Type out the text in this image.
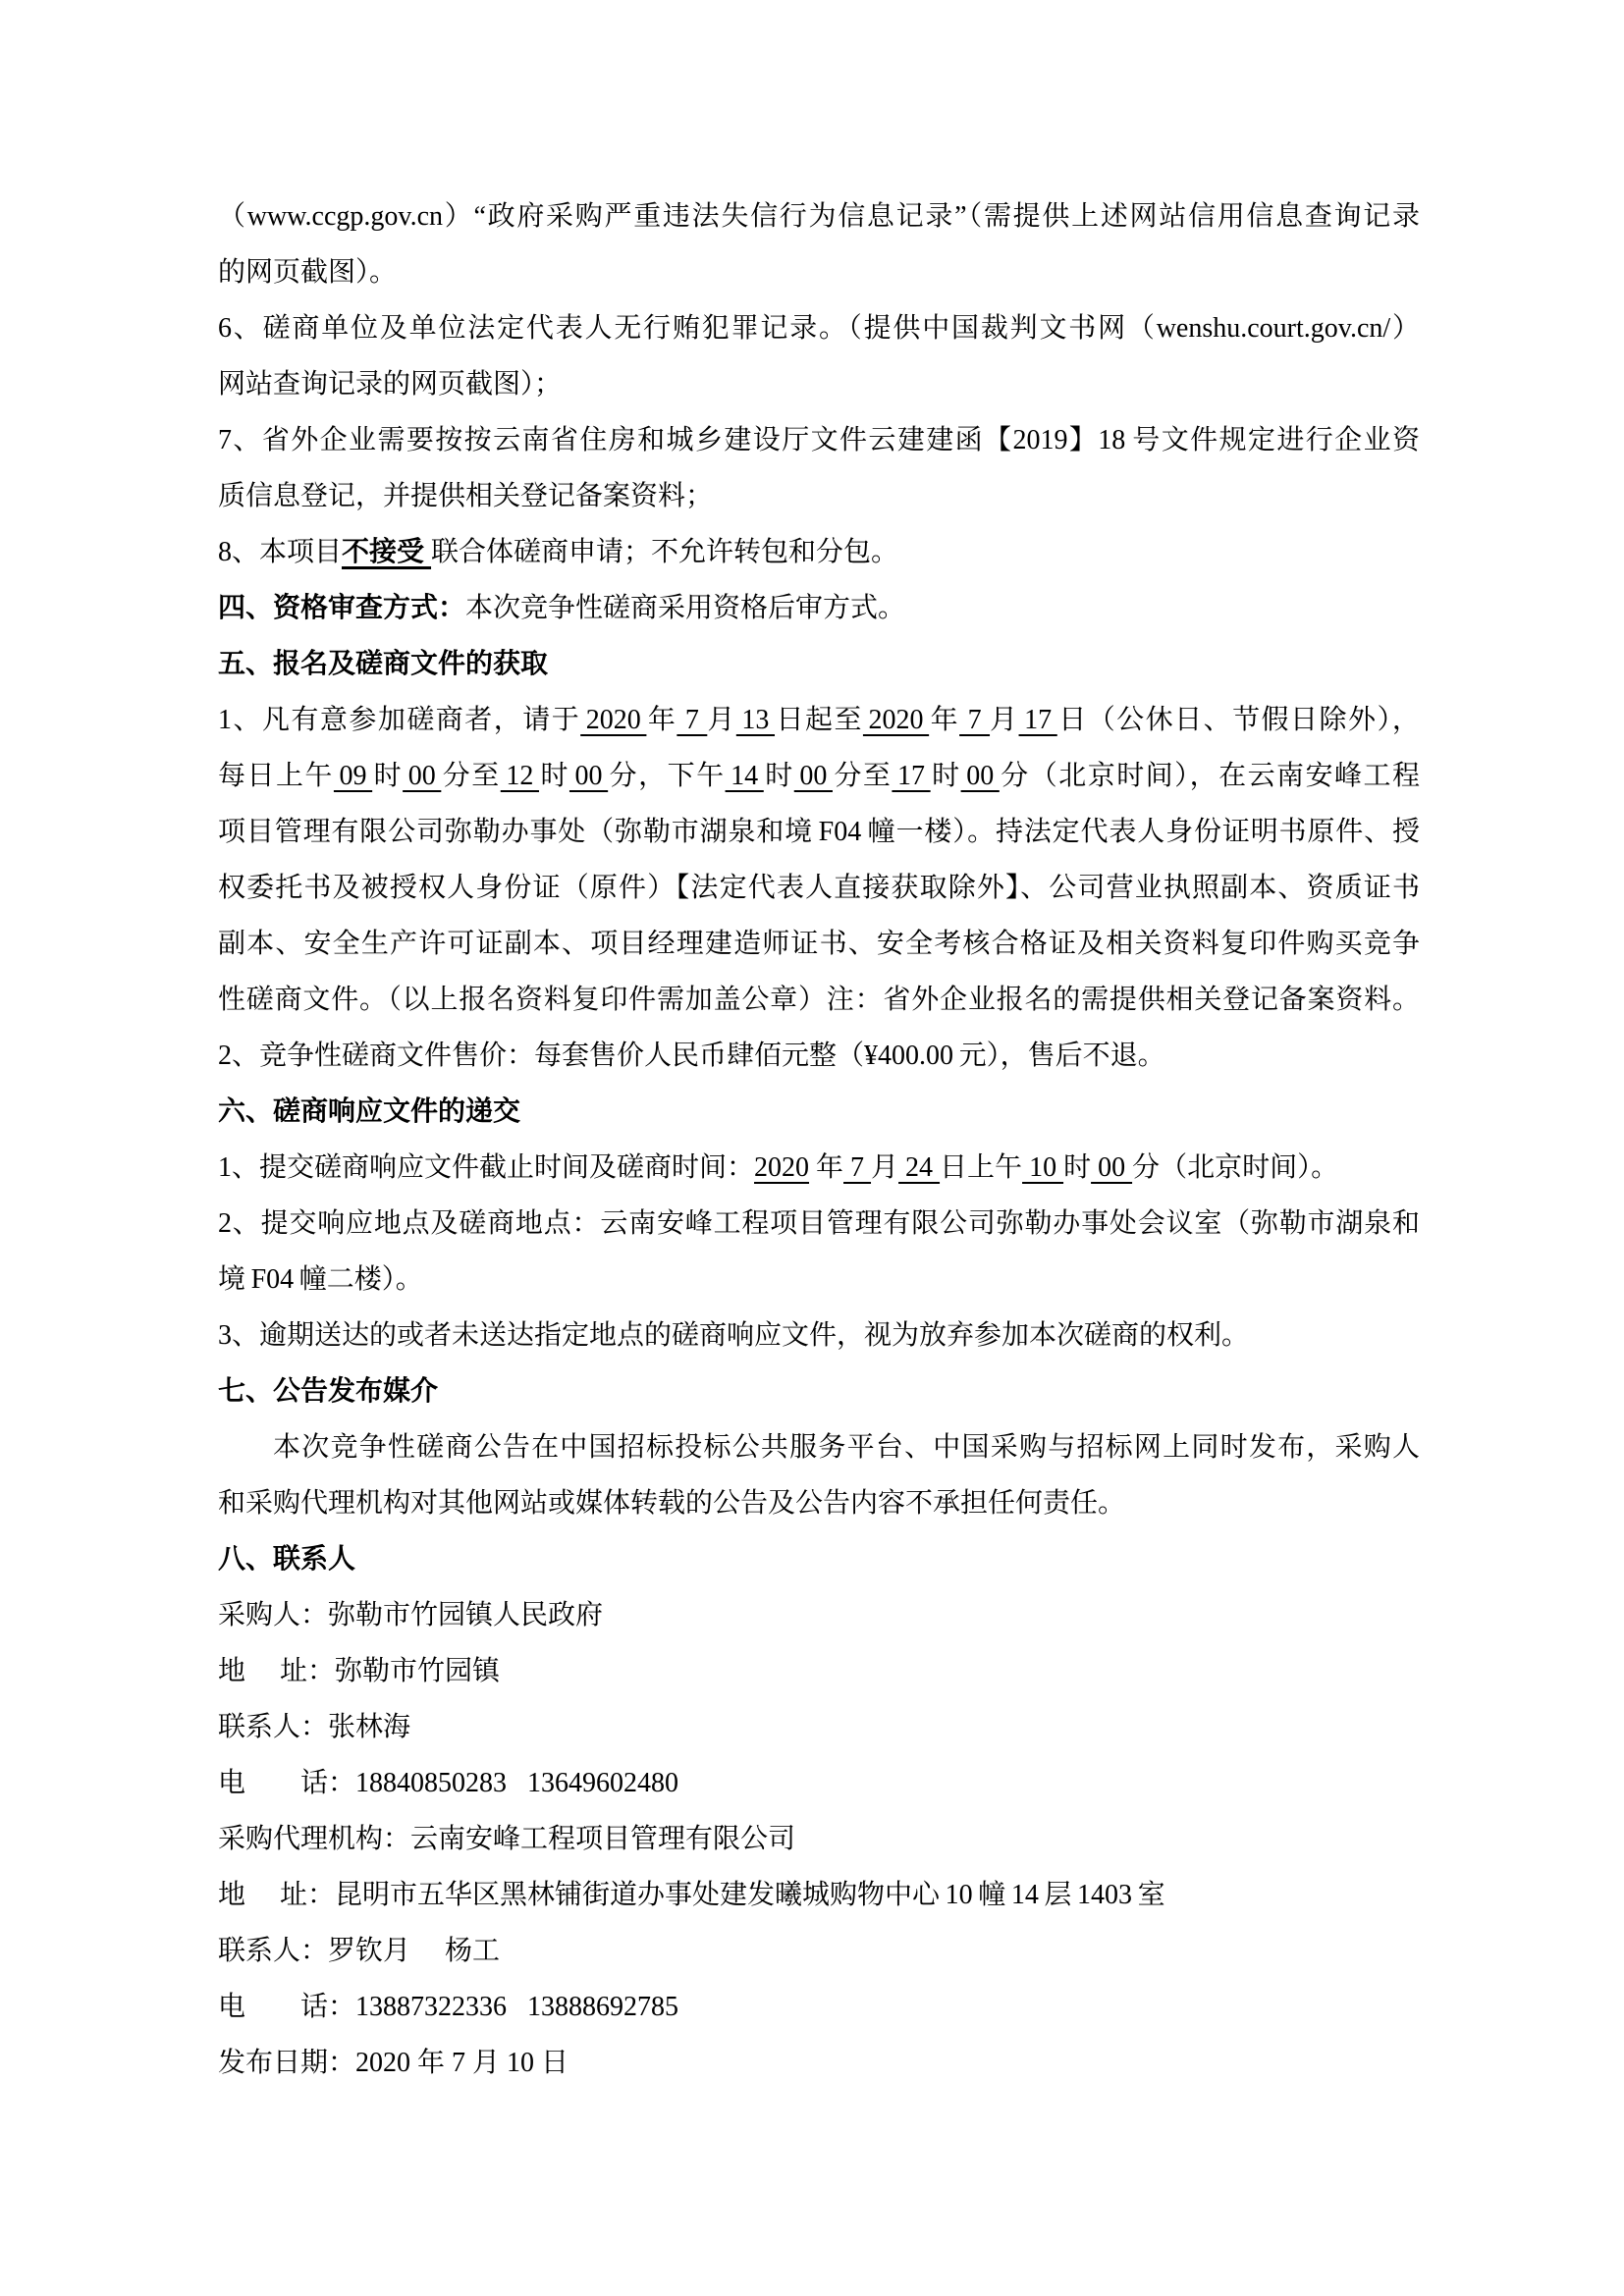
（www.ccgp.gov.cn）“政府采购严重违法失信行为信息记录”（需提供上述网站信用信息查询记录
的网页截图）。
6、磋商单位及单位法定代表人无行贿犯罪记录。（提供中国裁判文书网（wenshu.court.gov.cn/）
网站查询记录的网页截图）；
7、省外企业需要按按云南省住房和城乡建设厅文件云建建函【2019】18 号文件规定进行企业资
质信息登记，并提供相关登记备案资料；
8、本项目不接受 联合体磋商申请；不允许转包和分包。
四、资格审查方式：本次竞争性磋商采用资格后审方式。
五、报名及磋商文件的获取
1、凡有意参加磋商者，请于 2020 年 7 月 13 日起至 2020 年 7 月 17 日（公休日、节假日除外），
每日上午 09 时 00 分至 12 时 00 分，下午 14 时 00 分至 17 时 00 分（北京时间），在云南安峰工程
项目管理有限公司弥勒办事处（弥勒市湖泉和境 F04 幢一楼）。持法定代表人身份证明书原件、授
权委托书及被授权人身份证（原件）【法定代表人直接获取除外】、公司营业执照副本、资质证书
副本、安全生产许可证副本、项目经理建造师证书、安全考核合格证及相关资料复印件购买竞争
性磋商文件。（以上报名资料复印件需加盖公章）注：省外企业报名的需提供相关登记备案资料。
2、竞争性磋商文件售价：每套售价人民币肆佰元整（¥400.00 元），售后不退。
六、磋商响应文件的递交
1、提交磋商响应文件截止时间及磋商时间：2020 年 7 月 24 日上午 10 时 00 分（北京时间）。
2、提交响应地点及磋商地点：云南安峰工程项目管理有限公司弥勒办事处会议室（弥勒市湖泉和
境 F04 幢二楼）。
3、逾期送达的或者未送达指定地点的磋商响应文件，视为放弃参加本次磋商的权利。
七、公告发布媒介
本次竞争性磋商公告在中国招标投标公共服务平台、中国采购与招标网上同时发布，采购人
和采购代理机构对其他网站或媒体转载的公告及公告内容不承担任何责任。
八、联系人
采购人：弥勒市竹园镇人民政府
地　 址：弥勒市竹园镇
联系人：张林海
电　　话：18840850283   13649602480
采购代理机构：云南安峰工程项目管理有限公司
地　 址：昆明市五华区黑林铺街道办事处建发曦城购物中心 10 幢 14 层 1403 室
联系人：罗钦月　 杨工
电　　话：13887322336   13888692785
发布日期：2020 年 7 月 10 日
